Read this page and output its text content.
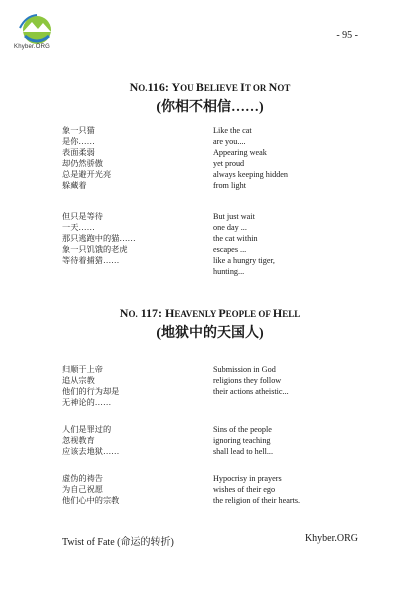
Khyber.ORG
- 95 -
NO.116: YOU BELIEVE IT OR NOT
(你相不相信……)
象一只猫
是你……
表面柔弱
却仍然骄傲
总是避开光亮
躲藏着
但只是等待
一天……
那只逃跑中的猫……
象一只饥饿的老虎
等待着捕猎……
Like the cat
are you....
Appearing weak
yet proud
always keeping hidden
from light
But just wait
one day ...
the cat within
escapes ...
like a hungry tiger,
hunting...
NO. 117: HEAVENLY PEOPLE OF HELL
(地狱中的天国人)
归顺于上帝
追从宗教
他们的行为却是
无神论的……
人们是罪过的
忽视教育
应该去地狱……
虚伪的祷告
为自己祝愿
他们心中的宗教
Submission in God
religions they follow
their actions atheistic...
Sins of the people
ignoring teaching
shall lead to hell...
Hypocrisy in prayers
wishes of their ego
the religion of their hearts.
Twist of Fate (命运的转折)	Khyber.ORG
